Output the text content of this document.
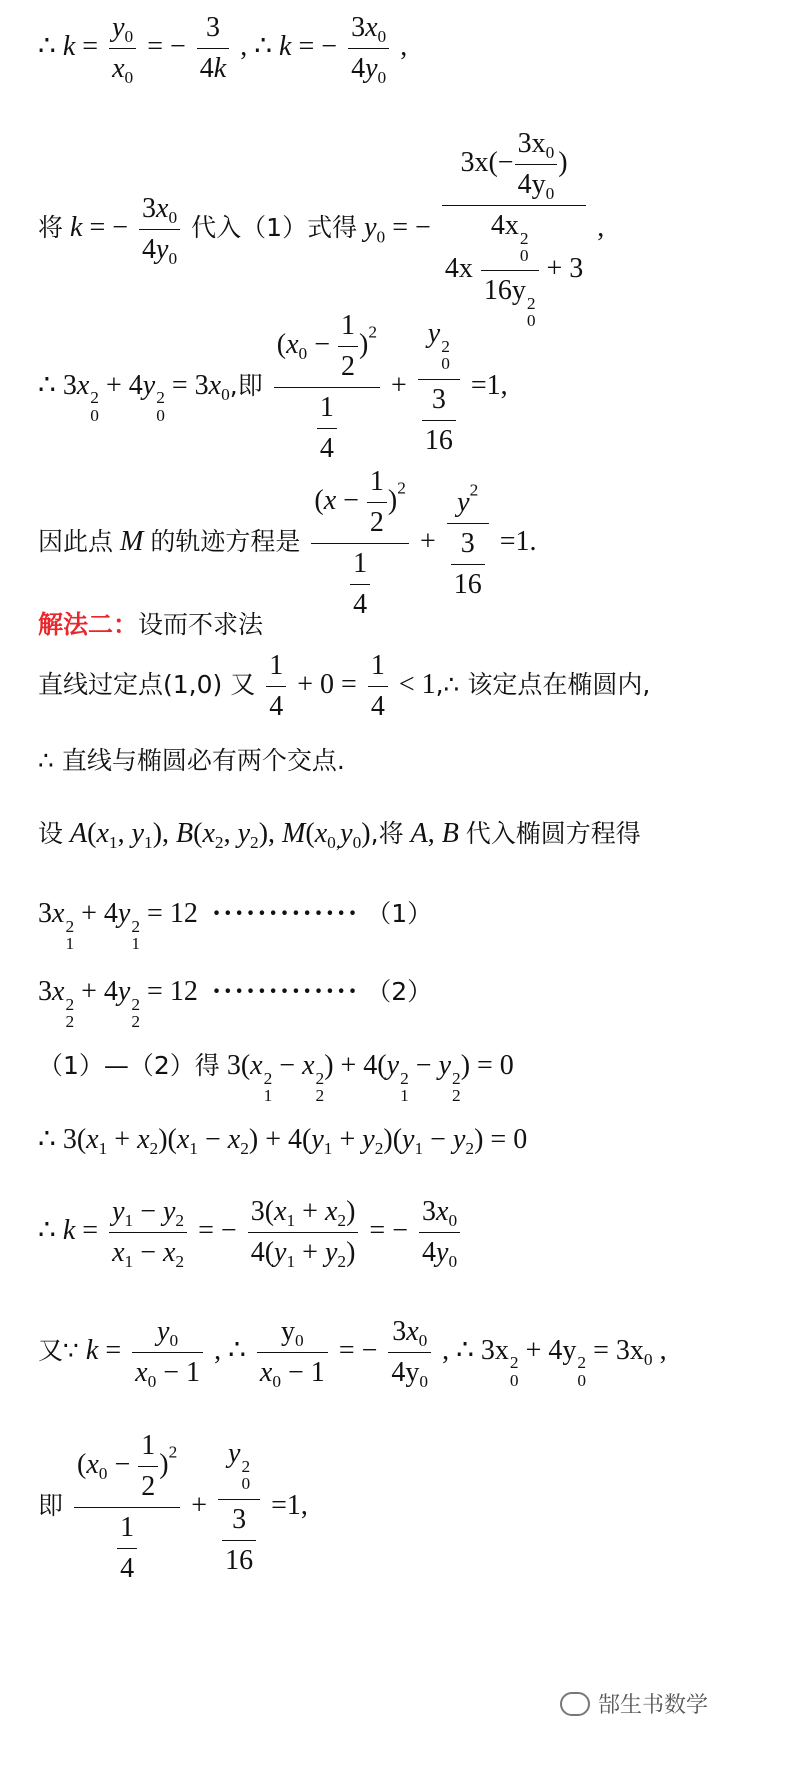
∴ $k = \frac{y_0}{x_0}$ = − $\frac{3}{4k}$ , ∴ k = − $\frac{3x_0}{4y_0}$ ,
将 k = − $\frac{3x_0}{4y_0}$ 代入（1）式得 $y_0$ = − $3x(- \frac{3x_0}{4y_0}$ )
4x 4x 2
0
16y 2
0 + 3 ,
∴ 3x 2
0
+ 4y 2
0
= $3x_0$,即 $\frac{(x_0 - \frac{1}{2} )^2}{\frac{1}{4}} + y$ 2
0
$\frac{3}{16} =1$,
因此点 M 的轨迹方程是 $\frac{(x - \frac{1}{2} )^2}{\frac{1}{4}} + \frac{y^2}{\frac{3}{16}} =1$.
解法二：设而不求法
直线过定点(1,0) 又 $\frac{1}{4} + 0 = \frac{1}{4}$ < 1,∴ 该定点在椭圆内,
∴ 直线与椭圆必有两个交点.
设 $A(x_1$, $y_1$), $B(x_2$, $y_2$), $M(x_{0,}y_0)$,将 A, B 代入椭圆方程得
3x 2
1
+ 4y 2
1
= 12  ············· （1）
3x 2
2
+ 4y 2
2
= 12  ············· （2）
（1）—（2）得 3(x 2
1
− x 2
2
) + 4(y 2
1
− y 2
2
) = 0
∴ $3(x_1 + x_2)(x_1 - x_2) + 4(y_1 + y_2)(y_1 - y_2) = 0$
∴ $k = \frac{y_1 - y_2}{x_1 - x_2}$ = − $\frac{3(x_1 + x_2)}{4(y_1 + y_2)}$ = − $\frac{3x_0}{4y_0}$
又∵ $k = \frac{y_0}{x_0 - 1}$ , ∴ $\frac{y_0}{x_0 - 1}$ = − $\frac{3x_0}{4y_0}$ , ∴ 3x 2
0
+ 4y 2
0
= $3x_0$ ,
即 $\frac{(x_0 - \frac{1}{2} )^2}{\frac{1}{4}} + y$ 2
0
$\frac{3}{16} =1$,
郜生书数学
